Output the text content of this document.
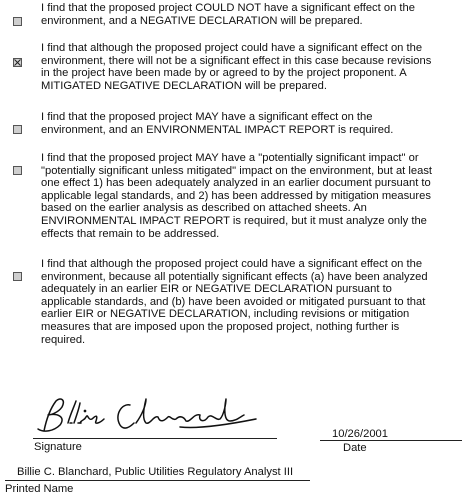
I find that the proposed project COULD NOT have a significant effect on the
environment, and a NEGATIVE DECLARATION will be prepared.
I find that although the proposed project could have a significant effect on the
environment, there will not be a significant effect in this case because revisions
in the project have been made by or agreed to by the project proponent. A
MITIGATED NEGATIVE DECLARATION will be prepared.
I find that the proposed project MAY have a significant effect on the
environment, and an ENVIRONMENTAL IMPACT REPORT is required.
I find that the proposed project MAY have a "potentially significant impact" or
"potentially significant unless mitigated" impact on the environment, but at least
one effect 1) has been adequately analyzed in an earlier document pursuant to
applicable legal standards, and 2) has been addressed by mitigation measures
based on the earlier analysis as described on attached sheets. An
ENVIRONMENTAL IMPACT REPORT is required, but it must analyze only the
effects that remain to be addressed.
I find that although the proposed project could have a significant effect on the
environment, because all potentially significant effects (a) have been analyzed
adequately in an earlier EIR or NEGATIVE DECLARATION pursuant to
applicable standards, and (b) have been avoided or mitigated pursuant to that
earlier EIR or NEGATIVE DECLARATION, including revisions or mitigation
measures that are imposed upon the proposed project, nothing further is
required.
Signature
10/26/2001
Date
Billie C. Blanchard, Public Utilities Regulatory Analyst III
Printed Name
